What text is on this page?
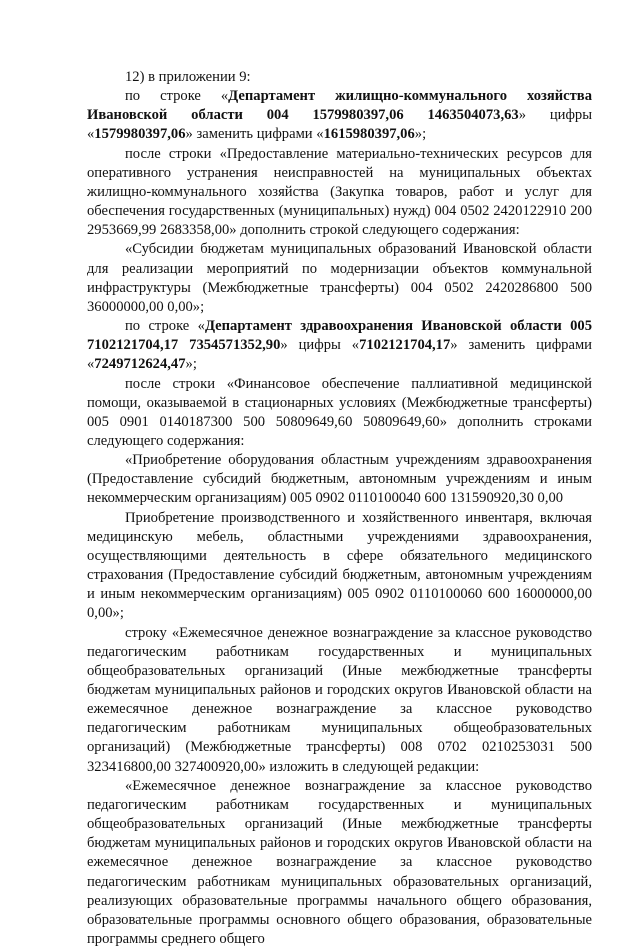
12) в приложении 9:

по строке «Департамент жилищно-коммунального хозяйства Ивановской области 004 1579980397,06 1463504073,63» цифры «1579980397,06» заменить цифрами «1615980397,06»;

после строки «Предоставление материально-технических ресурсов для оперативного устранения неисправностей на муниципальных объектах жилищно-коммунального хозяйства (Закупка товаров, работ и услуг для обеспечения государственных (муниципальных) нужд) 004 0502 2420122910 200 2953669,99 2683358,00» дополнить строкой следующего содержания:

«Субсидии бюджетам муниципальных образований Ивановской области для реализации мероприятий по модернизации объектов коммунальной инфраструктуры (Межбюджетные трансферты) 004 0502 2420286800 500 36000000,00 0,00»;

по строке «Департамент здравоохранения Ивановской области 005 7102121704,17 7354571352,90» цифры «7102121704,17» заменить цифрами «7249712624,47»;

после строки «Финансовое обеспечение паллиативной медицинской помощи, оказываемой в стационарных условиях (Межбюджетные трансферты) 005 0901 0140187300 500 50809649,60 50809649,60» дополнить строками следующего содержания:

«Приобретение оборудования областным учреждениям здравоохранения (Предоставление субсидий бюджетным, автономным учреждениям и иным некоммерческим организациям) 005 0902 0110100040 600 131590920,30 0,00

Приобретение производственного и хозяйственного инвентаря, включая медицинскую мебель, областными учреждениями здравоохранения, осуществляющими деятельность в сфере обязательного медицинского страхования (Предоставление субсидий бюджетным, автономным учреждениям и иным некоммерческим организациям) 005 0902 0110100060 600 16000000,00 0,00»;

строку «Ежемесячное денежное вознаграждение за классное руководство педагогическим работникам государственных и муниципальных общеобразовательных организаций (Иные межбюджетные трансферты бюджетам муниципальных районов и городских округов Ивановской области на ежемесячное денежное вознаграждение за классное руководство педагогическим работникам муниципальных общеобразовательных организаций) (Межбюджетные трансферты) 008 0702 0210253031 500 323416800,00 327400920,00» изложить в следующей редакции:

«Ежемесячное денежное вознаграждение за классное руководство педагогическим работникам государственных и муниципальных общеобразовательных организаций (Иные межбюджетные трансферты бюджетам муниципальных районов и городских округов Ивановской области на ежемесячное денежное вознаграждение за классное руководство педагогическим работникам муниципальных образовательных организаций, реализующих образовательные программы начального общего образования, образовательные программы основного общего образования, образовательные программы среднего общего
